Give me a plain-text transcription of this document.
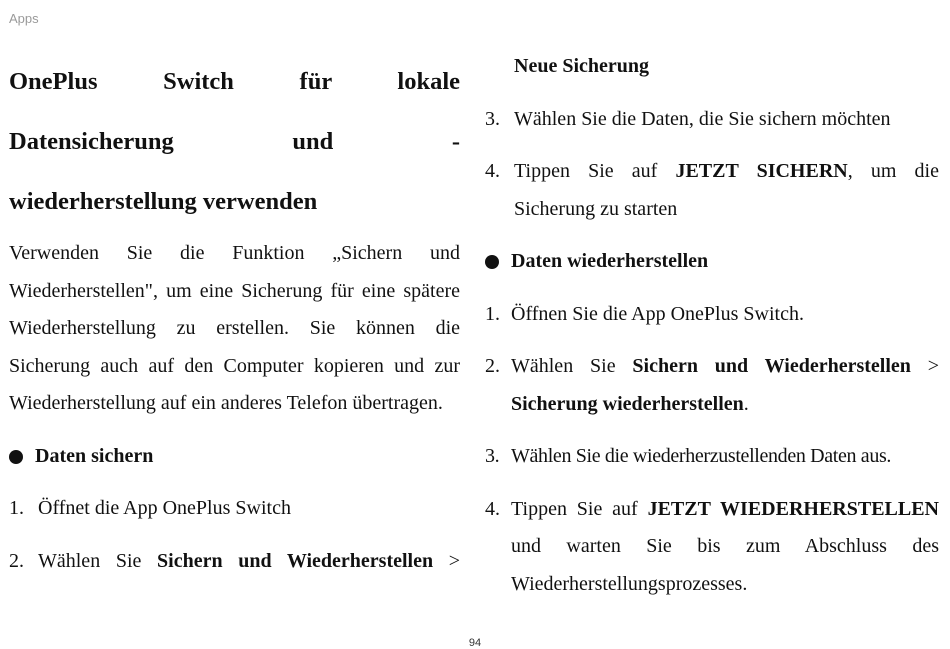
Apps
OnePlus Switch für lokale
Datensicherung und -
wiederherstellung verwenden

Verwenden Sie die Funktion „Sichern und Wiederherstellen", um eine Sicherung für eine spätere Wiederherstellung zu erstellen. Sie können die Sicherung auch auf den Computer kopieren und zur Wiederherstellung auf ein anderes Telefon übertragen.

Daten sichern

1. Öffnet die App OnePlus Switch

2. Wählen Sie Sichern und Wiederherstellen >

Neue Sicherung

3. Wählen Sie die Daten, die Sie sichern möchten

4. Tippen Sie auf JETZT SICHERN, um die Sicherung zu starten

Daten wiederherstellen

1. Öffnen Sie die App OnePlus Switch.

2. Wählen Sie Sichern und Wiederherstellen > Sicherung wiederherstellen.

3. Wählen Sie die wiederherzustellenden Daten aus.

4. Tippen Sie auf JETZT WIEDERHERSTELLEN und warten Sie bis zum Abschluss des Wiederherstellungsprozesses.

94
